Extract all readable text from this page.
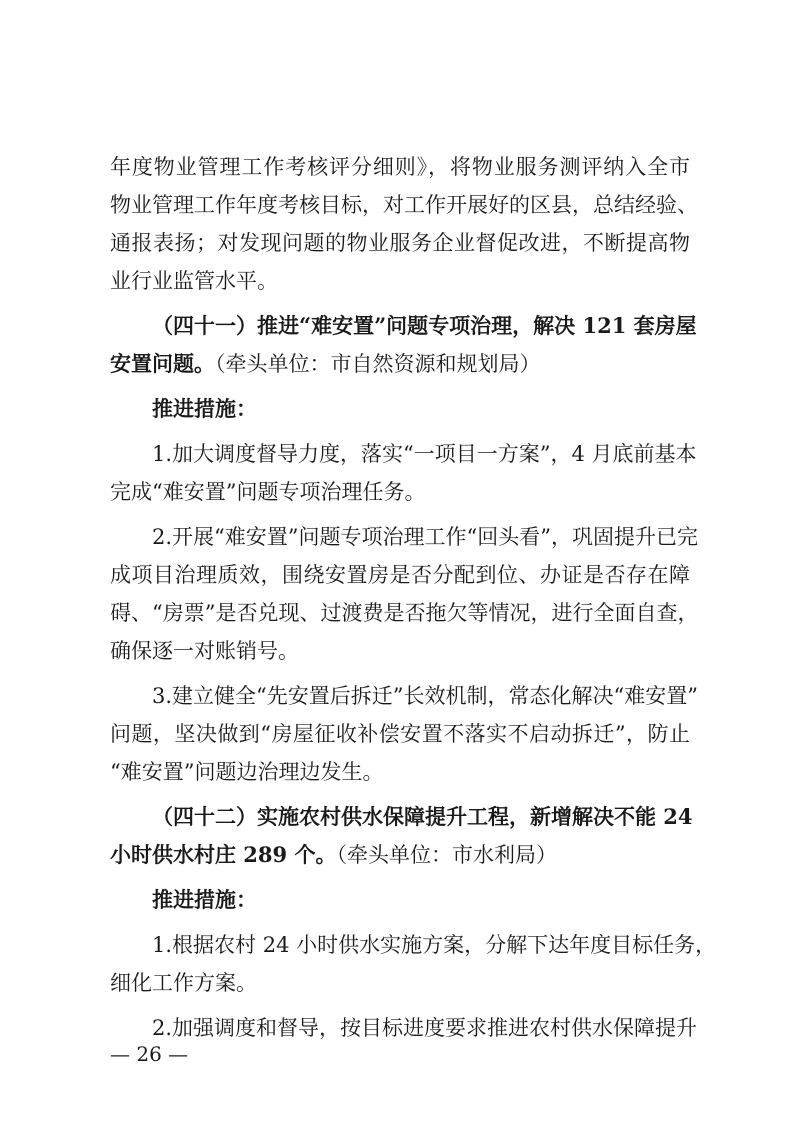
年度物业管理工作考核评分细则》，将物业服务测评纳入全市
物业管理工作年度考核目标，对工作开展好的区县，总结经验、
通报表扬；对发现问题的物业服务企业督促改进，不断提高物
业行业监管水平。
（四十一）推进“难安置”问题专项治理，解决 121 套房屋
安置问题。（牵头单位：市自然资源和规划局）
推进措施：
1.加大调度督导力度，落实“一项目一方案”，4 月底前基本
完成“难安置”问题专项治理任务。
2.开展“难安置”问题专项治理工作“回头看”，巩固提升已完
成项目治理质效，围绕安置房是否分配到位、办证是否存在障
碍、“房票”是否兑现、过渡费是否拖欠等情况，进行全面自查，
确保逐一对账销号。
3.建立健全“先安置后拆迁”长效机制，常态化解决“难安置”
问题，坚决做到“房屋征收补偿安置不落实不启动拆迁”，防止
“难安置”问题边治理边发生。
（四十二）实施农村供水保障提升工程，新增解决不能 24
小时供水村庄 289 个。（牵头单位：市水利局）
推进措施：
1.根据农村 24 小时供水实施方案，分解下达年度目标任务，
细化工作方案。
2.加强调度和督导，按目标进度要求推进农村供水保障提升
— 26 —
